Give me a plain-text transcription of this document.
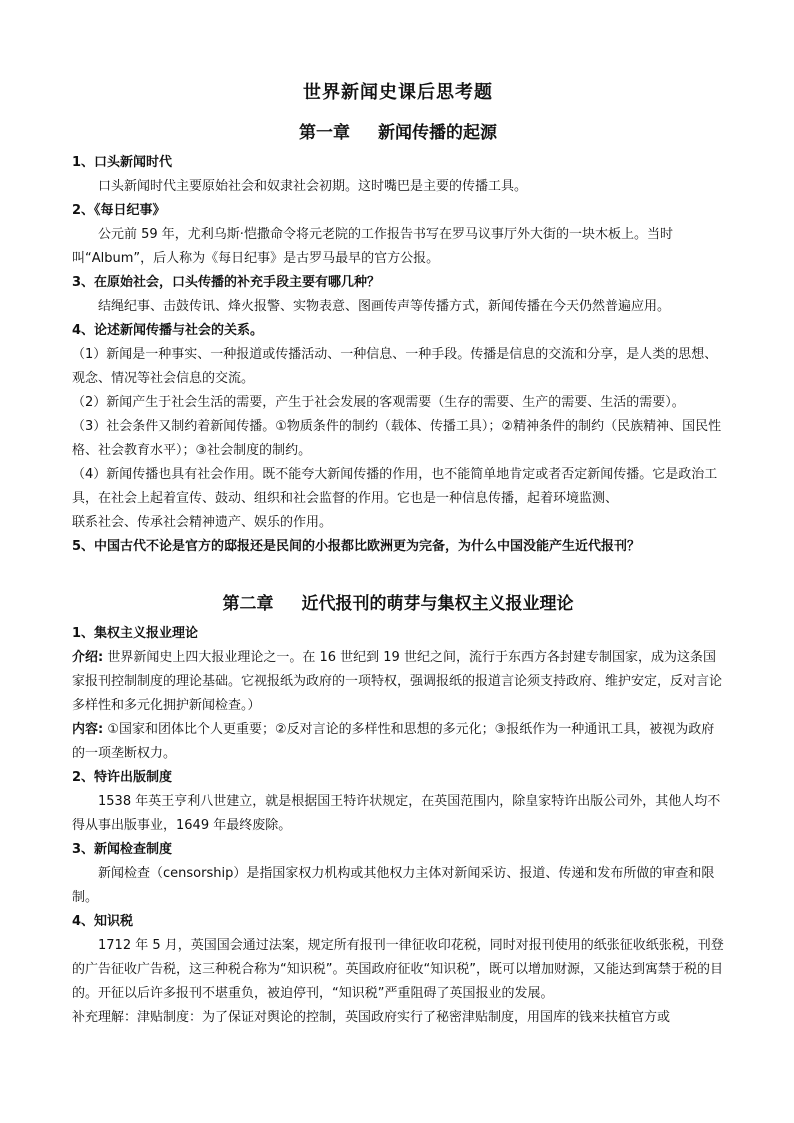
世界新闻史课后思考题
第一章 新闻传播的起源

1、口头新闻时代

口头新闻时代主要原始社会和奴隶社会初期。这时嘴巴是主要的传播工具。

2、《每日纪事》

公元前 59 年，尤利乌斯·恺撒命令将元老院的工作报告书写在罗马议事厅外大街的一块木板上。当时叫“Album”，后人称为《每日纪事》是古罗马最早的官方公报。

3、在原始社会，口头传播的补充手段主要有哪几种？

结绳纪事、击鼓传讯、烽火报警、实物表意、图画传声等传播方式，新闻传播在今天仍然普遍应用。

4、论述新闻传播与社会的关系。

（1）新闻是一种事实、一种报道或传播活动、一种信息、一种手段。传播是信息的交流和分享，是人类的思想、观念、情况等社会信息的交流。

（2）新闻产生于社会生活的需要，产生于社会发展的客观需要（生存的需要、生产的需要、生活的需要）。

（3）社会条件又制约着新闻传播。①物质条件的制约（载体、传播工具）；②精神条件的制约（民族精神、国民性格、社会教育水平）；③社会制度的制约。

（4）新闻传播也具有社会作用。既不能夸大新闻传播的作用，也不能简单地肯定或者否定新闻传播。它是政治工具，在社会上起着宣传、鼓动、组织和社会监督的作用。它也是一种信息传播，起着环境监测、

联系社会、传承社会精神遗产、娱乐的作用。

5、中国古代不论是官方的邸报还是民间的小报都比欧洲更为完备，为什么中国没能产生近代报刊？

第二章 近代报刊的萌芽与集权主义报业理论

1、集权主义报业理论

介绍: 世界新闻史上四大报业理论之一。在 16 世纪到 19 世纪之间，流行于东西方各封建专制国家，成为这条国家报刊控制制度的理论基础。它视报纸为政府的一项特权，强调报纸的报道言论须支持政府、维护安定，反对言论多样性和多元化拥护新闻检查。）

内容: ①国家和团体比个人更重要；②反对言论的多样性和思想的多元化；③报纸作为一种通讯工具，被视为政府的一项垄断权力。

2、特许出版制度

1538 年英王亨利八世建立，就是根据国王特许状规定，在英国范围内，除皇家特许出版公司外，其他人均不得从事出版事业，1649 年最终废除。

3、新闻检查制度

新闻检查（censorship）是指国家权力机构或其他权力主体对新闻采访、报道、传递和发布所做的审查和限制。

4、知识税

1712 年 5 月，英国国会通过法案，规定所有报刊一律征收印花税，同时对报刊使用的纸张征收纸张税，刊登的广告征收广告税，这三种税合称为“知识税”。英国政府征收“知识税”，既可以增加财源，又能达到寓禁于税的目的。开征以后许多报刊不堪重负，被迫停刊，“知识税”严重阻碍了英国报业的发展。

补充理解：津贴制度：为了保证对舆论的控制，英国政府实行了秘密津贴制度，用国库的钱来扶植官方或
